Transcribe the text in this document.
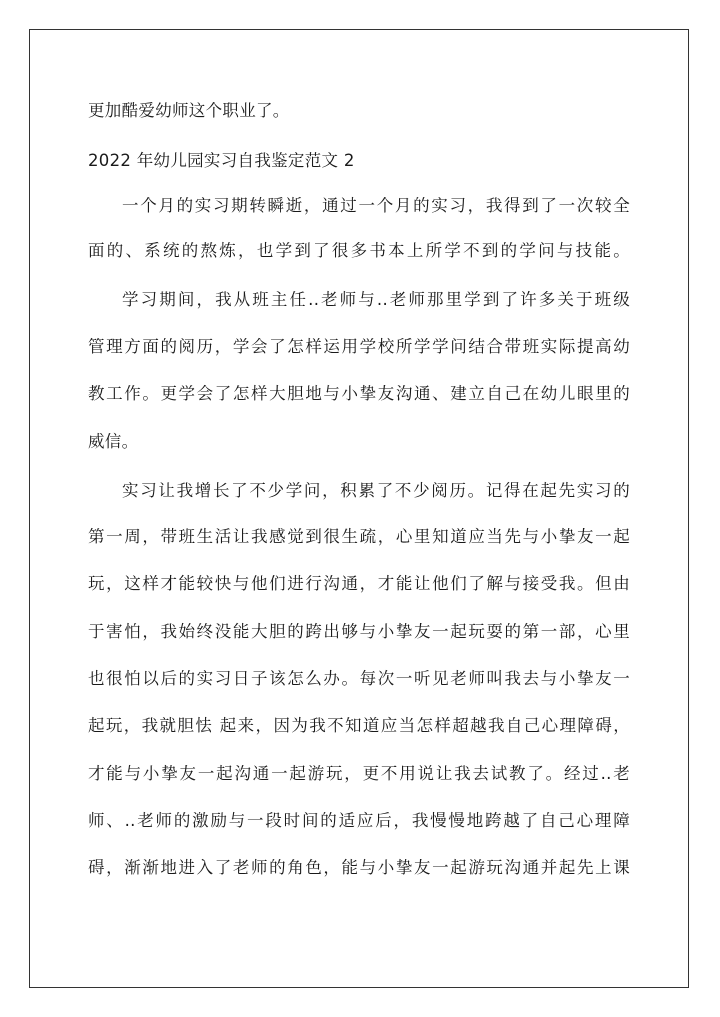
更加酷爱幼师这个职业了。
2022 年幼儿园实习自我鉴定范文 2
一个月的实习期转瞬逝，通过一个月的实习，我得到了一次较全
面的、系统的熬炼，也学到了很多书本上所学不到的学问与技能。
学习期间，我从班主任..老师与..老师那里学到了许多关于班级
管理方面的阅历，学会了怎样运用学校所学学问结合带班实际提高幼
教工作。更学会了怎样大胆地与小挚友沟通、建立自己在幼儿眼里的
威信。
实习让我增长了不少学问，积累了不少阅历。记得在起先实习的
第一周，带班生活让我感觉到很生疏，心里知道应当先与小挚友一起
玩，这样才能较快与他们进行沟通，才能让他们了解与接受我。但由
于害怕，我始终没能大胆的跨出够与小挚友一起玩耍的第一部，心里
也很怕以后的实习日子该怎么办。每次一听见老师叫我去与小挚友一
起玩，我就胆怯 起来，因为我不知道应当怎样超越我自己心理障碍，
才能与小挚友一起沟通一起游玩，更不用说让我去试教了。经过..老
师、..老师的激励与一段时间的适应后，我慢慢地跨越了自己心理障
碍，渐渐地进入了老师的角色，能与小挚友一起游玩沟通并起先上课
